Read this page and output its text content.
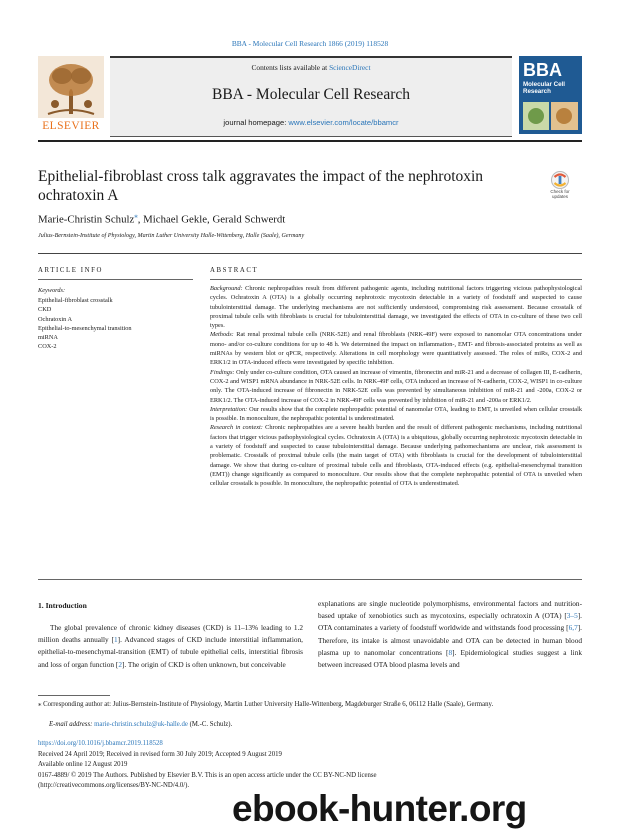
BBA - Molecular Cell Research 1866 (2019) 118528
Contents lists available at ScienceDirect
BBA - Molecular Cell Research
journal homepage: www.elsevier.com/locate/bbamcr
ELSEVIER
BBA
Molecular Cell Research
Epithelial-fibroblast cross talk aggravates the impact of the nephrotoxin ochratoxin A	Check for updates
Marie-Christin Schulz⁎, Michael Gekle, Gerald Schwerdt
Julius-Bernstein-Institute of Physiology, Martin Luther University Halle-Wittenberg, Halle (Saale), Germany
ARTICLE INFO
Keywords:
Epithelial-fibroblast crosstalk
CKD
Ochratoxin A
Epithelial-to-mesenchymal transition
miRNA
COX-2
ABSTRACT

Background: Chronic nephropathies result from different pathogenic agents, including nutritional factors triggering vicious pathophysiological cycles. Ochratoxin A (OTA) is a globally occurring nephrotoxic mycotoxin detectable in a variety of foodstuff and suspected to cause tubulointerstitial damage. The underlying mechanisms are not sufficiently understood, compromising risk assessment. Because crosstalk of proximal tubule cells with fibroblasts is crucial for tubulointerstitial damage, we investigated the effects of OTA in co-culture of these two cell types.

Methods: Rat renal proximal tubule cells (NRK-52E) and renal fibroblasts (NRK-49F) were exposed to nanomolar OTA concentrations under mono- and/or co-culture conditions for up to 48 h. We determined the impact on inflammation-, EMT- and fibrosis-associated proteins as well as miRNAs by western blot or qPCR, respectively. Alterations in cell morphology were quantitatively assessed. The roles of miRs, COX-2 and ERK1/2 in OTA-induced effects were investigated by specific inhibition.

Findings: Only under co-culture condition, OTA caused an increase of vimentin, fibronectin and miR-21 and a decrease of collagen III, E-cadherin, COX-2 and WISP1 mRNA abundance in NRK-52E cells. In NRK-49F cells, OTA induced an increase of N-cadherin, COX-2, WISP1 in co-culture only. The OTA-induced increase of fibronectin in NRK-52E cells was prevented by simultaneous inhibition of miR-21 and -200a, COX-2 or ERK1/2. The OTA-induced increase of COX-2 in NRK-49F cells was prevented by inhibition of miR-21 and -200a or ERK1/2.

Interpretation: Our results show that the complete nephropathic potential of nanomolar OTA, leading to EMT, is unveiled when cellular crosstalk is possible. In monoculture, the nephropathic potential is underestimated.

Research in context: Chronic nephropathies are a severe health burden and the result of different pathogenic mechanisms, including nutritional factors that trigger vicious pathophysiological cycles. Ochratoxin A (OTA) is a ubiquitous, globally occurring nephrotoxic mycotoxin detectable in a variety of foodstuff and suspected to cause tubulointerstitial damage. Because underlying pathomechanisms are unclear, risk assessment is problematic. Crosstalk of proximal tubule cells (the main target of OTA) with fibroblasts is crucial for the development of tubulointerstitial damage. We show that during co-culture of proximal tubule cells and fibroblasts, OTA-induced effects (e.g. epithelial-mesenchymal transition (EMT)) change significantly as compared to monoculture. Our results show that the complete nephropathic potential of OTA is unveiled when cellular crosstalk is possible. In monoculture, the nephropathic potential of OTA is underestimated.

1. Introduction

The global prevalence of chronic kidney diseases (CKD) is 11–13% leading to 1.2 million deaths annually [1]. Advanced stages of CKD include interstitial inflammation, epithelial-to-mesenchymal-transition (EMT) of tubule epithelial cells, interstitial fibrosis and loss of organ function [2]. The origin of CKD is often unknown, but conceivable

explanations are single nucleotide polymorphisms, environmental factors and nutrition-based uptake of xenobiotics such as mycotoxins, especially ochratoxin A (OTA) [3–5]. OTA contaminates a variety of foodstuff worldwide and withstands food processing [6,7]. Therefore, its intake is almost unavoidable and OTA can be detected in human blood plasma up to nanomolar concentrations [8]. Epidemiological studies suggest a link between increased OTA blood plasma levels and

⁎ Corresponding author at: Julius-Bernstein-Institute of Physiology, Martin Luther University Halle-Wittenberg, Magdeburger Straße 6, 06112 Halle (Saale), Germany.
E-mail address: marie-christin.schulz@uk-halle.de (M.-C. Schulz).
https://doi.org/10.1016/j.bbamcr.2019.118528
Received 24 April 2019; Received in revised form 30 July 2019; Accepted 9 August 2019
Available online 12 August 2019
0167-4889/ © 2019 The Authors. Published by Elsevier B.V. This is an open access article under the CC BY-NC-ND license
(http://creativecommons.org/licenses/BY-NC-ND/4.0/).
ebook-hunter.org
